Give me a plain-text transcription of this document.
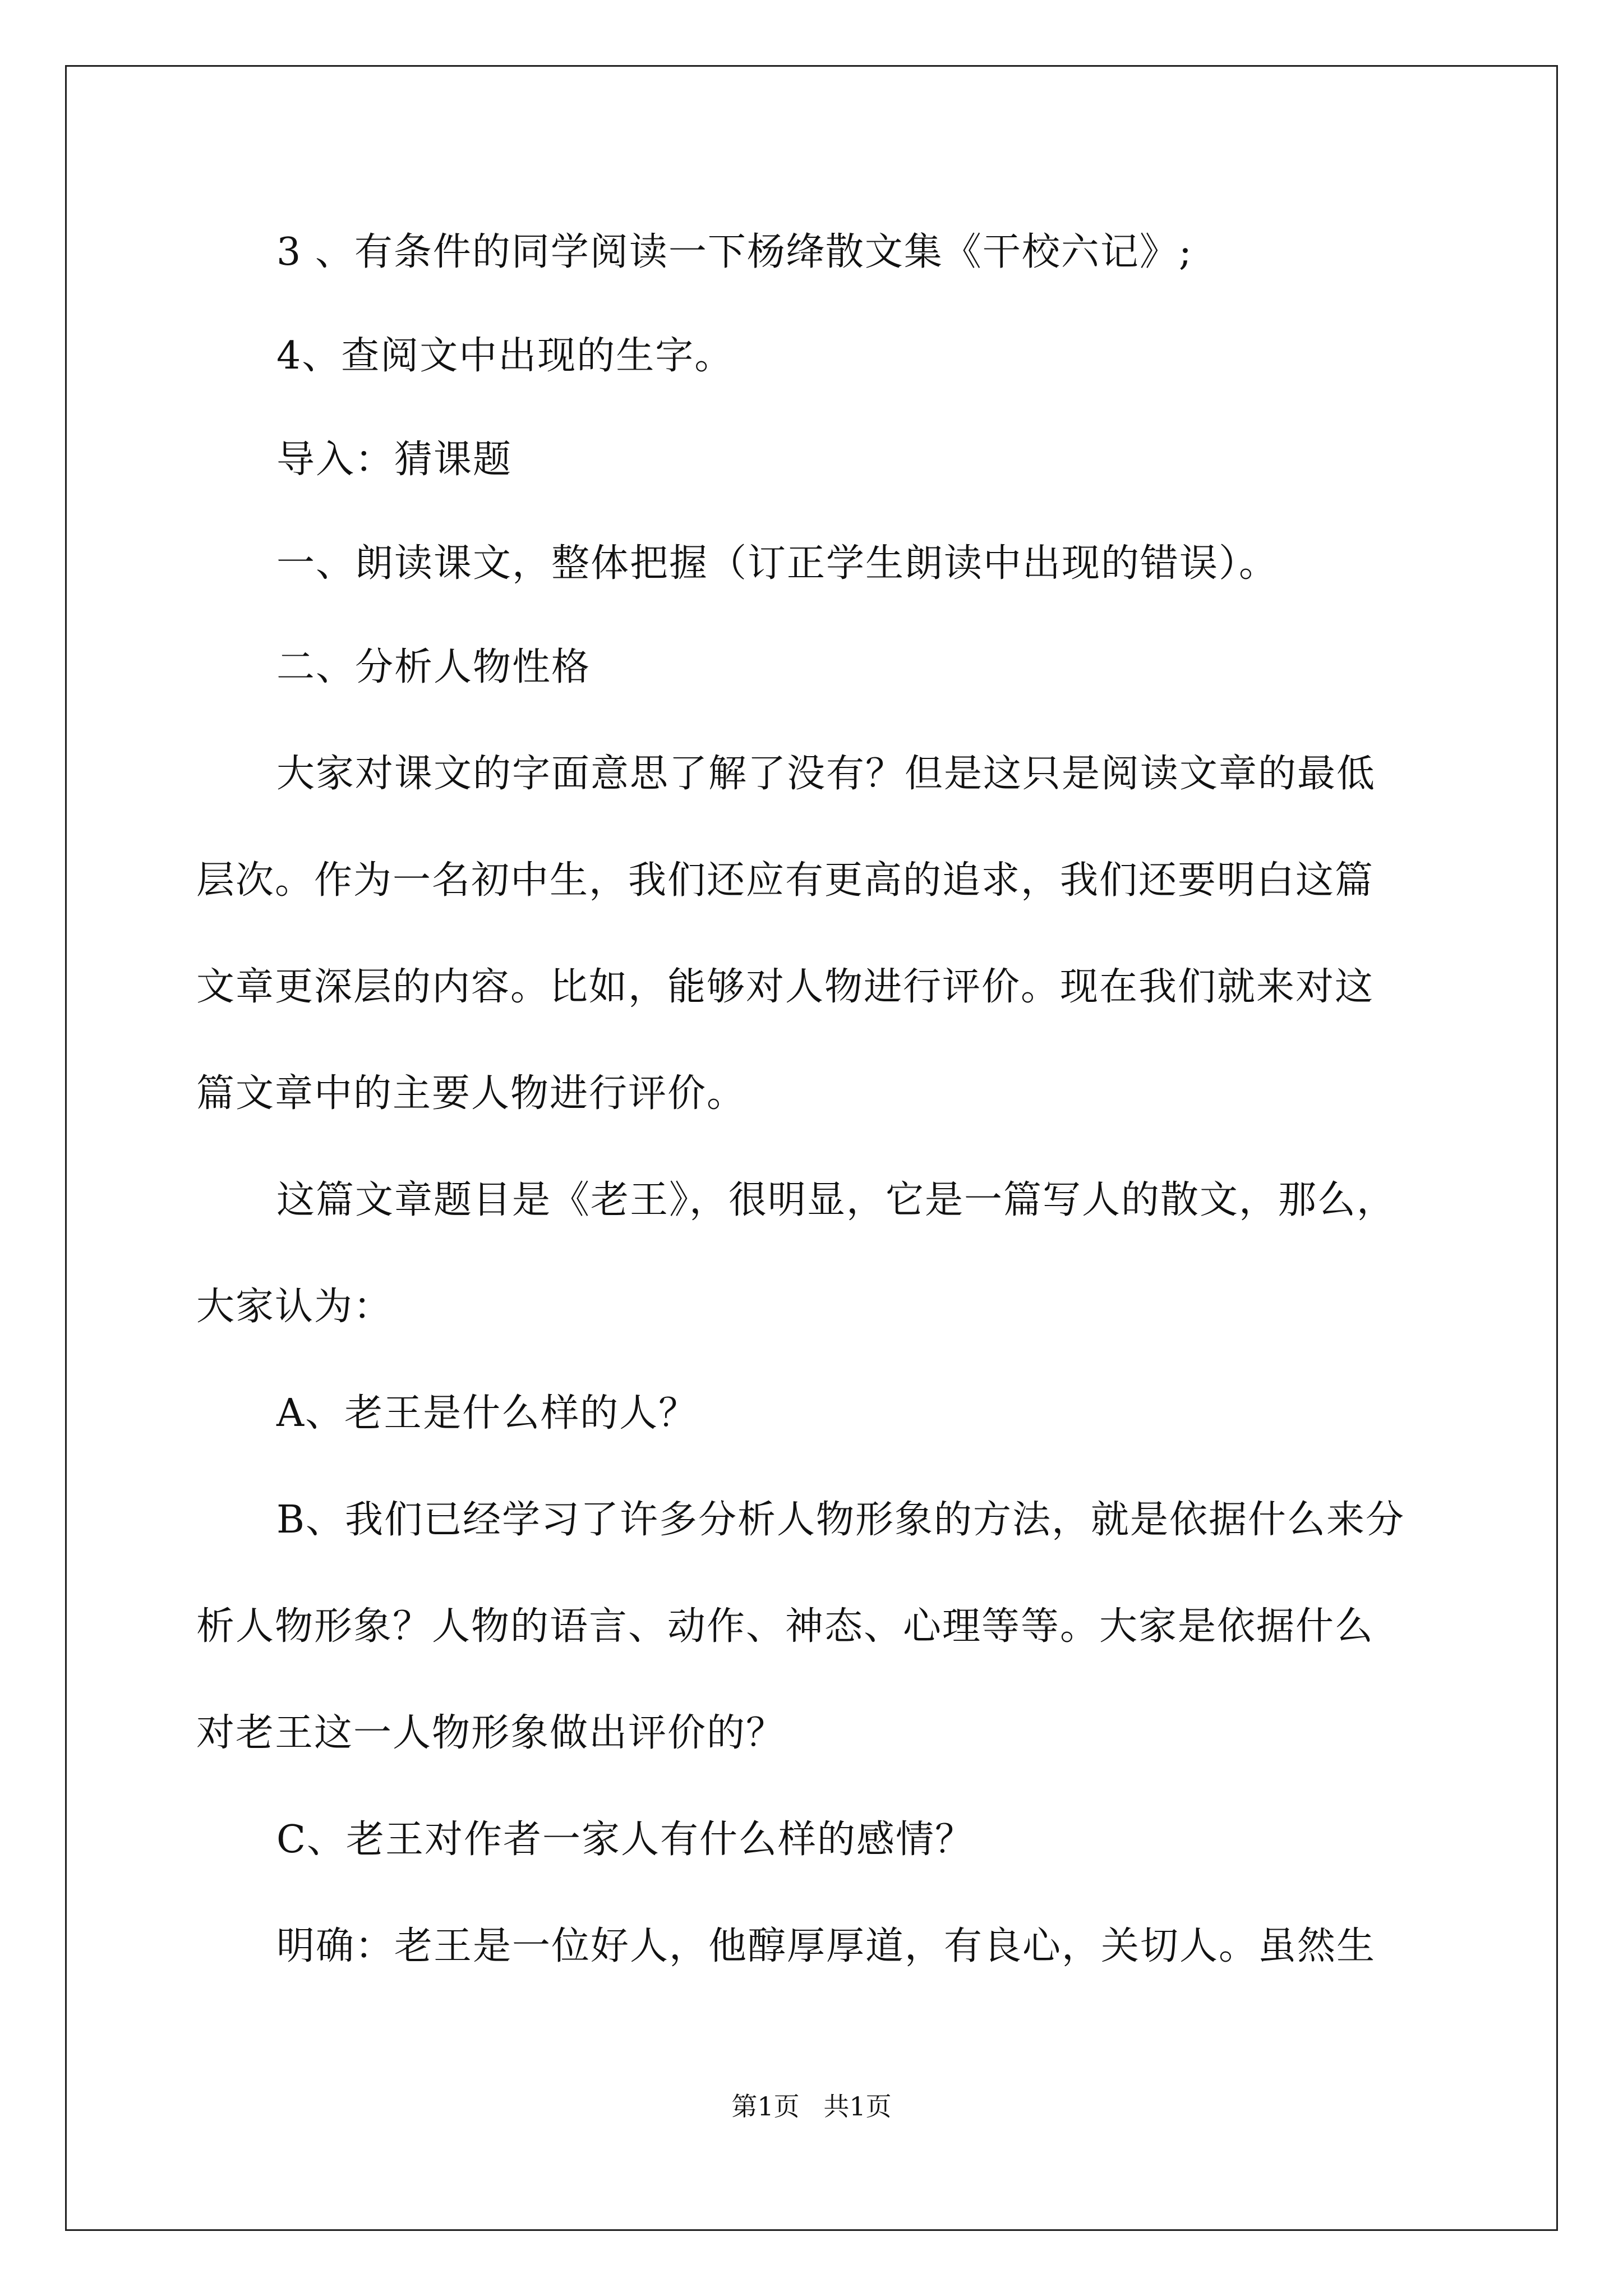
3 、有条件的同学阅读一下杨绛散文集《干校六记》;
4、查阅文中出现的生字。
导入：猜课题
一、朗读课文，整体把握（订正学生朗读中出现的错误）。
二、分析人物性格
大家对课文的字面意思了解了没有？但是这只是阅读文章的最低
层次。作为一名初中生，我们还应有更高的追求，我们还要明白这篇
文章更深层的内容。比如，能够对人物进行评价。现在我们就来对这
篇文章中的主要人物进行评价。
这篇文章题目是《老王》，很明显，它是一篇写人的散文，那么，
大家认为：
A、老王是什么样的人？
B、我们已经学习了许多分析人物形象的方法，就是依据什么来分
析人物形象？人物的语言、动作、神态、心理等等。大家是依据什么
对老王这一人物形象做出评价的？
C、老王对作者一家人有什么样的感情？
明确：老王是一位好人，他醇厚厚道，有良心，关切人。虽然生
第1页 共1页
